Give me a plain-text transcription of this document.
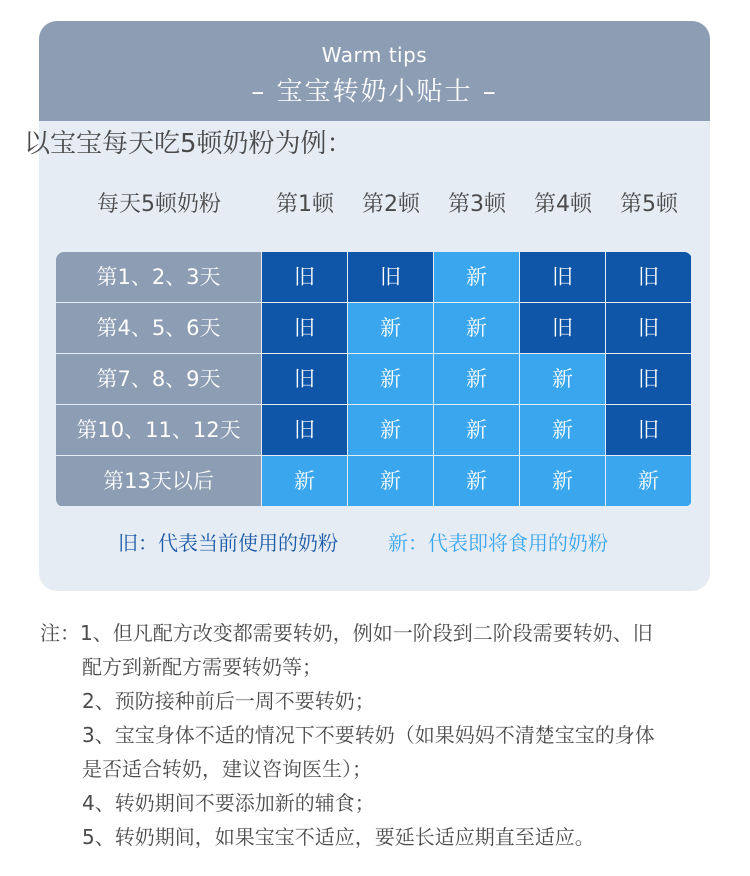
Warm tips
– 宝宝转奶小贴士 –
以宝宝每天吃5顿奶粉为例：
每天5顿奶粉	第1顿	第2顿	第3顿	第4顿	第5顿
第1、2、3天	旧	旧	新	旧	旧
第4、5、6天	旧	新	新	旧	旧
第7、8、9天	旧	新	新	新	旧
第10、11、12天	旧	新	新	新	旧
第13天以后	新	新	新	新	新
旧：代表当前使用的奶粉	新：代表即将食用的奶粉
注：1、但凡配方改变都需要转奶，例如一阶段到二阶段需要转奶、旧
配方到新配方需要转奶等；
2、预防接种前后一周不要转奶；
3、宝宝身体不适的情况下不要转奶（如果妈妈不清楚宝宝的身体
是否适合转奶，建议咨询医生）；
4、转奶期间不要添加新的辅食；
5、转奶期间，如果宝宝不适应，要延长适应期直至适应。
